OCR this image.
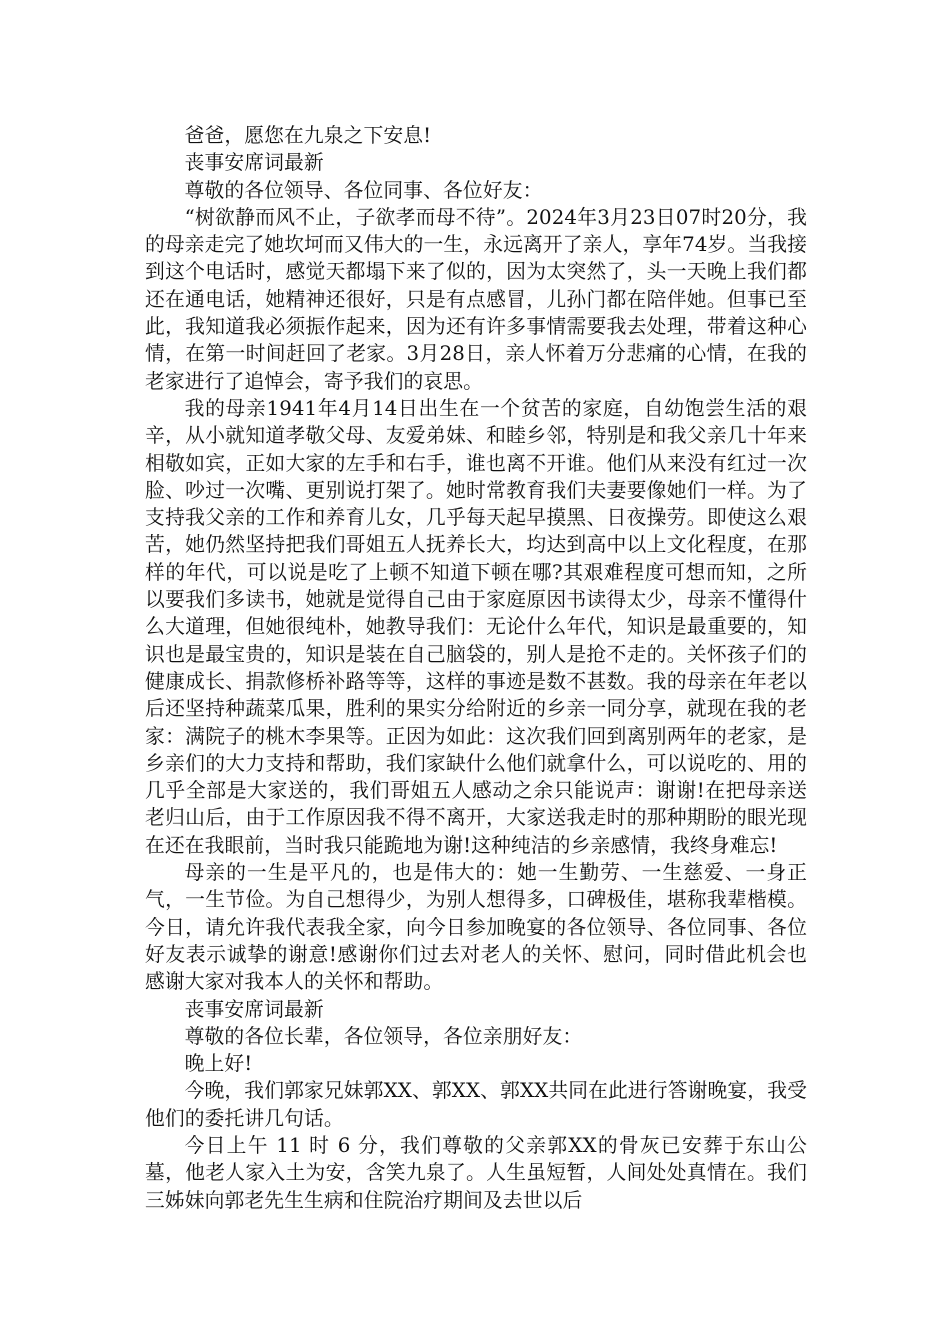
爸爸，愿您在九泉之下安息!

丧事安席词最新

尊敬的各位领导、各位同事、各位好友：

“树欲静而风不止，子欲孝而母不待”。2024年3月23日07时20分，我的母亲走完了她坎坷而又伟大的一生，永远离开了亲人，享年74岁。当我接到这个电话时，感觉天都塌下来了似的，因为太突然了，头一天晚上我们都还在通电话，她精神还很好，只是有点感冒，儿孙门都在陪伴她。但事已至此，我知道我必须振作起来，因为还有许多事情需要我去处理，带着这种心情，在第一时间赶回了老家。3月28日，亲人怀着万分悲痛的心情，在我的老家进行了追悼会，寄予我们的哀思。

我的母亲1941年4月14日出生在一个贫苦的家庭，自幼饱尝生活的艰辛，从小就知道孝敬父母、友爱弟妹、和睦乡邻，特别是和我父亲几十年来相敬如宾，正如大家的左手和右手，谁也离不开谁。他们从来没有红过一次脸、吵过一次嘴、更别说打架了。她时常教育我们夫妻要像她们一样。为了支持我父亲的工作和养育儿女，几乎每天起早摸黑、日夜操劳。即使这么艰苦，她仍然坚持把我们哥姐五人抚养长大，均达到高中以上文化程度，在那样的年代，可以说是吃了上顿不知道下顿在哪?其艰难程度可想而知，之所以要我们多读书，她就是觉得自己由于家庭原因书读得太少，母亲不懂得什么大道理，但她很纯朴，她教导我们：无论什么年代，知识是最重要的，知识也是最宝贵的，知识是装在自己脑袋的，别人是抢不走的。关怀孩子们的健康成长、捐款修桥补路等等，这样的事迹是数不甚数。我的母亲在年老以后还坚持种蔬菜瓜果，胜利的果实分给附近的乡亲一同分享，就现在我的老家：满院子的桃木李果等。正因为如此：这次我们回到离别两年的老家，是乡亲们的大力支持和帮助，我们家缺什么他们就拿什么，可以说吃的、用的几乎全部是大家送的，我们哥姐五人感动之余只能说声：谢谢!在把母亲送老归山后，由于工作原因我不得不离开，大家送我走时的那种期盼的眼光现在还在我眼前，当时我只能跪地为谢!这种纯洁的乡亲感情，我终身难忘!

母亲的一生是平凡的，也是伟大的：她一生勤劳、一生慈爱、一身正气，一生节俭。为自己想得少，为别人想得多，口碑极佳，堪称我辈楷模。今日，请允许我代表我全家，向今日参加晚宴的各位领导、各位同事、各位好友表示诚挚的谢意!感谢你们过去对老人的关怀、慰问，同时借此机会也感谢大家对我本人的关怀和帮助。

丧事安席词最新

尊敬的各位长辈，各位领导，各位亲朋好友：

晚上好!

今晚，我们郭家兄妹郭XX、郭XX、郭XX共同在此进行答谢晚宴，我受他们的委托讲几句话。

今日上午 11 时 6 分，我们尊敬的父亲郭XX的骨灰已安葬于东山公墓，他老人家入土为安，含笑九泉了。人生虽短暂，人间处处真情在。我们三姊妹向郭老先生生病和住院治疗期间及去世以后
